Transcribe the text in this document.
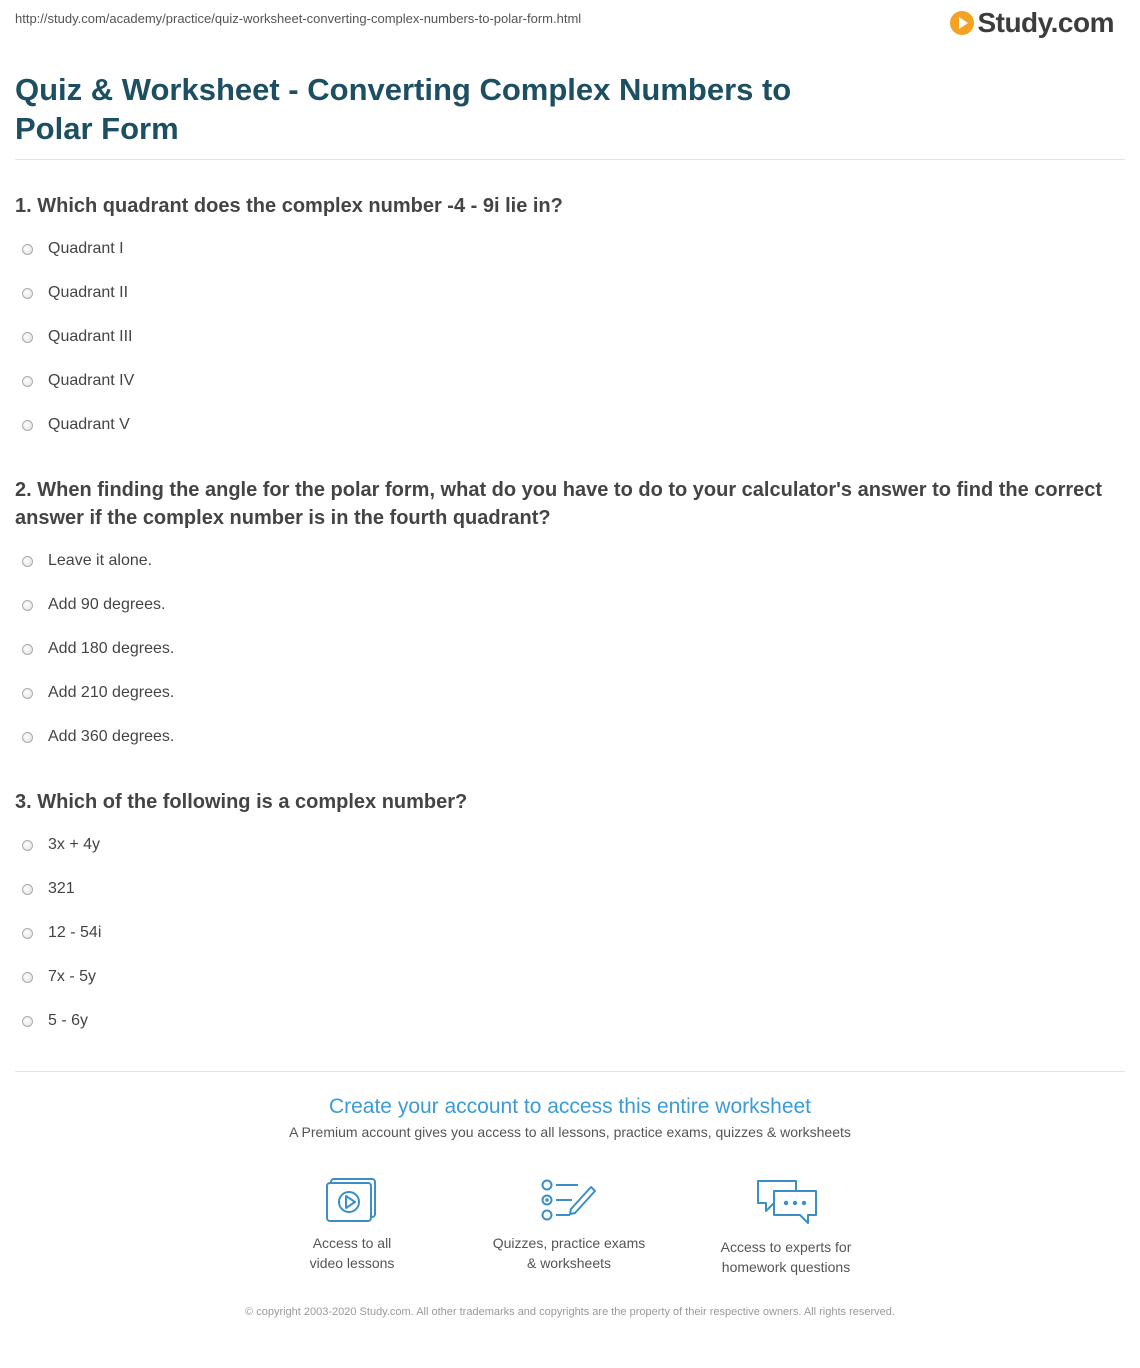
http://study.com/academy/practice/quiz-worksheet-converting-complex-numbers-to-polar-form.html	Study.com
Quiz & Worksheet - Converting Complex Numbers to Polar Form

1. Which quadrant does the complex number -4 - 9i lie in?

Quadrant I
Quadrant II
Quadrant III
Quadrant IV
Quadrant V

2. When finding the angle for the polar form, what do you have to do to your calculator's answer to find the correct answer if the complex number is in the fourth quadrant?

Leave it alone.
Add 90 degrees.
Add 180 degrees.
Add 210 degrees.
Add 360 degrees.

3. Which of the following is a complex number?

3x + 4y
321
12 - 54i
7x - 5y
5 - 6y
Create your account to access this entire worksheet
A Premium account gives you access to all lessons, practice exams, quizzes & worksheets
Access to all
video lessons
Quizzes, practice exams
& worksheets
Access to experts for
homework questions
© copyright 2003-2020 Study.com. All other trademarks and copyrights are the property of their respective owners. All rights reserved.
